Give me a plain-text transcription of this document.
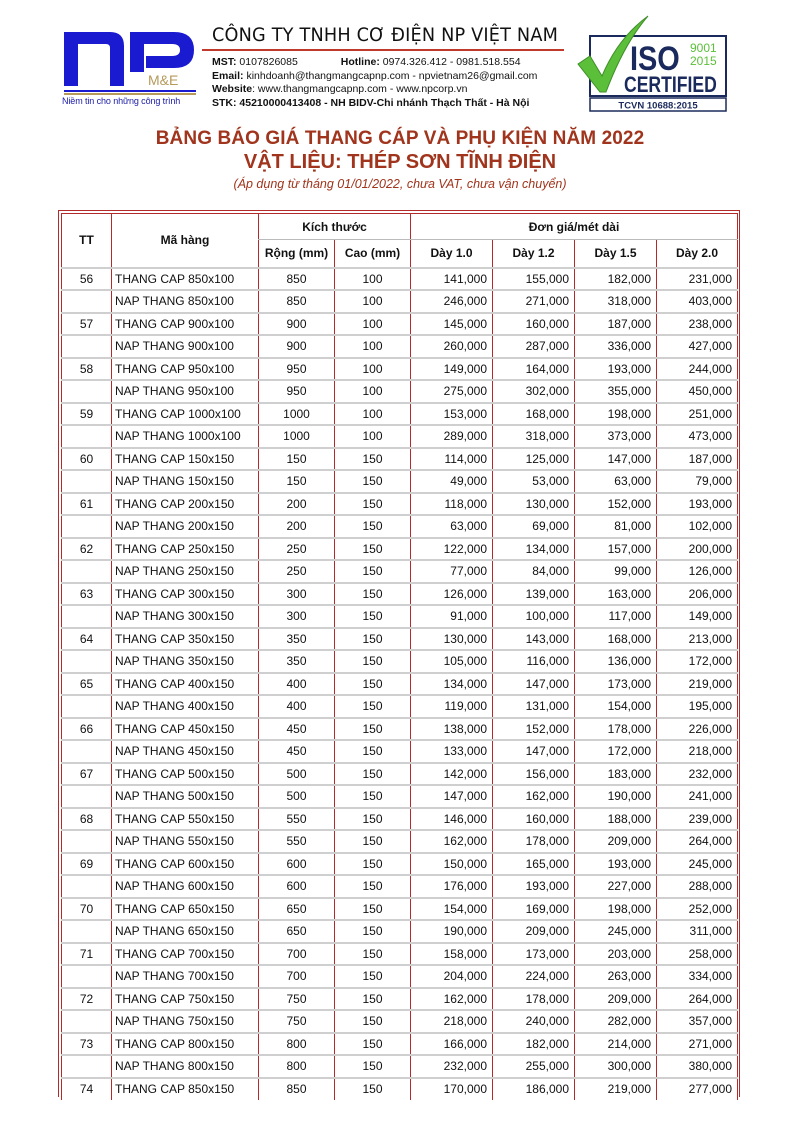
M&E
Niềm tin cho những công trình
CÔNG TY TNHH CƠ ĐIỆN NP VIỆT NAM
MST: 0107826085	Hotline: 0974.326.412 - 0981.518.554
Email: kinhdoanh@thangmangcapnp.com - npvietnam26@gmail.com
Website: www.thangmangcapnp.com - www.npcorp.vn
STK: 45210000413408 - NH BIDV-Chi nhánh Thạch Thất - Hà Nội	TCVN 10688:2015
ISO 9001
2015
CERTIFIED
BẢNG BÁO GIÁ THANG CÁP VÀ PHỤ KIỆN NĂM 2022
VẬT LIỆU: THÉP SƠN TĨNH ĐIỆN
(Áp dụng từ tháng 01/01/2022, chưa VAT, chưa vận chuyển)
TT	Mã hàng	Kích thước		Đơn giá/mét dài			
		Rộng (mm)	Cao (mm)	Dày 1.0	Dày 1.2	Dày 1.5	Dày 2.0
56	THANG CAP 850x100	850	100	141,000	155,000	182,000	231,000
	NAP THANG 850x100	850	100	246,000	271,000	318,000	403,000
57	THANG CAP 900x100	900	100	145,000	160,000	187,000	238,000
	NAP THANG 900x100	900	100	260,000	287,000	336,000	427,000
58	THANG CAP 950x100	950	100	149,000	164,000	193,000	244,000
	NAP THANG 950x100	950	100	275,000	302,000	355,000	450,000
59	THANG CAP 1000x100	1000	100	153,000	168,000	198,000	251,000
	NAP THANG 1000x100	1000	100	289,000	318,000	373,000	473,000
60	THANG CAP 150x150	150	150	114,000	125,000	147,000	187,000
	NAP THANG 150x150	150	150	49,000	53,000	63,000	79,000
61	THANG CAP 200x150	200	150	118,000	130,000	152,000	193,000
	NAP THANG 200x150	200	150	63,000	69,000	81,000	102,000
62	THANG CAP 250x150	250	150	122,000	134,000	157,000	200,000
	NAP THANG 250x150	250	150	77,000	84,000	99,000	126,000
63	THANG CAP 300x150	300	150	126,000	139,000	163,000	206,000
	NAP THANG 300x150	300	150	91,000	100,000	117,000	149,000
64	THANG CAP 350x150	350	150	130,000	143,000	168,000	213,000
	NAP THANG 350x150	350	150	105,000	116,000	136,000	172,000
65	THANG CAP 400x150	400	150	134,000	147,000	173,000	219,000
	NAP THANG 400x150	400	150	119,000	131,000	154,000	195,000
66	THANG CAP 450x150	450	150	138,000	152,000	178,000	226,000
	NAP THANG 450x150	450	150	133,000	147,000	172,000	218,000
67	THANG CAP 500x150	500	150	142,000	156,000	183,000	232,000
	NAP THANG 500x150	500	150	147,000	162,000	190,000	241,000
68	THANG CAP 550x150	550	150	146,000	160,000	188,000	239,000
	NAP THANG 550x150	550	150	162,000	178,000	209,000	264,000
69	THANG CAP 600x150	600	150	150,000	165,000	193,000	245,000
	NAP THANG 600x150	600	150	176,000	193,000	227,000	288,000
70	THANG CAP 650x150	650	150	154,000	169,000	198,000	252,000
	NAP THANG 650x150	650	150	190,000	209,000	245,000	311,000
71	THANG CAP 700x150	700	150	158,000	173,000	203,000	258,000
	NAP THANG 700x150	700	150	204,000	224,000	263,000	334,000
72	THANG CAP 750x150	750	150	162,000	178,000	209,000	264,000
	NAP THANG 750x150	750	150	218,000	240,000	282,000	357,000
73	THANG CAP 800x150	800	150	166,000	182,000	214,000	271,000
	NAP THANG 800x150	800	150	232,000	255,000	300,000	380,000
74	THANG CAP 850x150	850	150	170,000	186,000	219,000	277,000
